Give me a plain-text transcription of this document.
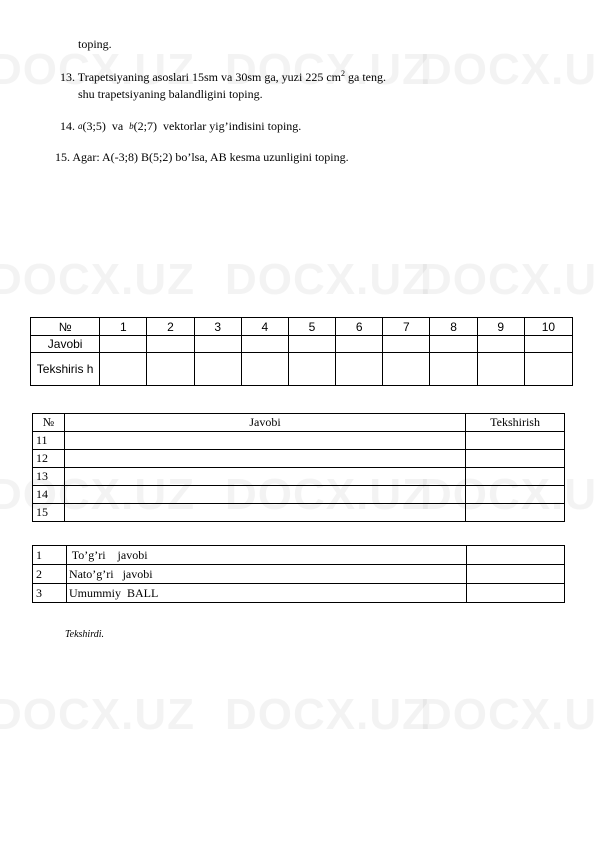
toping.
13. Trapetsiyaning asoslari 15sm va 30sm ga, yuzi 225 $cm^2$ ga teng.
shu trapetsiyaning balandligini toping.
14. a(3;5) va b(2;7) vektorlar yig’indisini toping.
15. Agar: A(-3;8) B(5;2) bo’lsa, AB kesma uzunligini toping.
№	1	2	3	4	5	6	7	8	9	10
Javobi										
Tekshiris h										
№	Javobi	Tekshirish
11		
12		
13		
14		
15		
1	To’g’ri    javobi	
2	Nato’g’ri   javobi	
3	Umummiy  BALL	
Tekshirdi.
